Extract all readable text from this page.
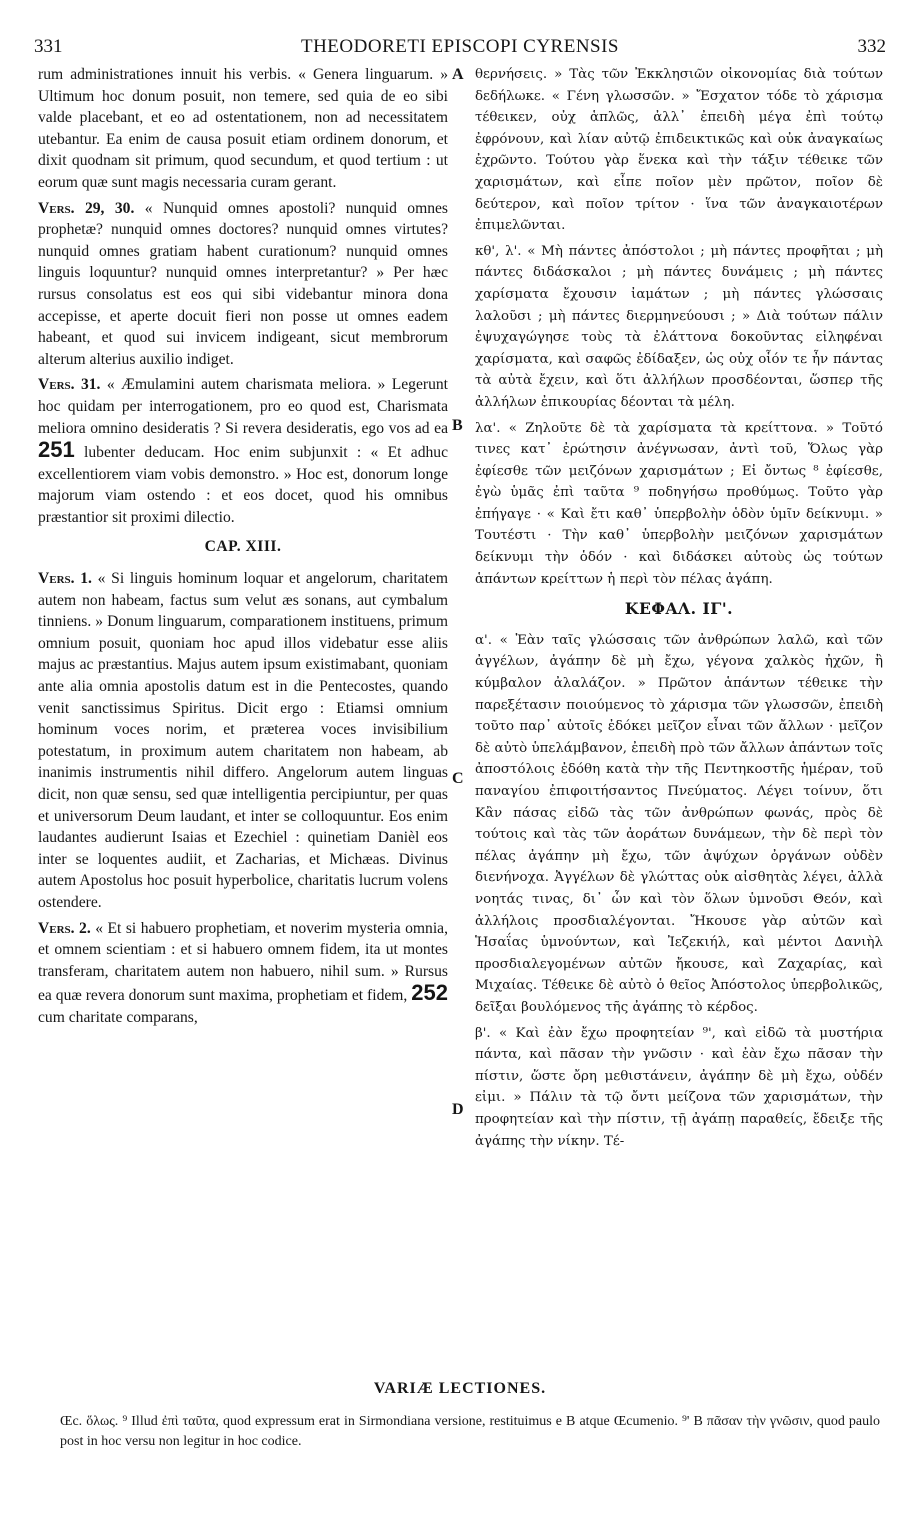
331	THEODORETI EPISCOPI CYRENSIS	332
A
B
C
D

rum administrationes innuit his verbis. « Genera linguarum. » Ultimum hoc donum posuit, non temere, sed quia de eo sibi valde placebant, et eo ad ostentationem, non ad necessitatem utebantur. Ea enim de causa posuit etiam ordinem donorum, et dixit quodnam sit primum, quod secundum, et quod tertium : ut eorum quæ sunt magis necessaria curam gerant.

Vers. 29, 30. « Nunquid omnes apostoli? nunquid omnes prophetæ? nunquid omnes doctores? nunquid omnes virtutes? nunquid omnes gratiam habent curationum? nunquid omnes linguis loquuntur? nunquid omnes interpretantur? » Per hæc rursus consolatus est eos qui sibi videbantur minora dona accepisse, et aperte docuit fieri non posse ut omnes eadem habeant, et quod sui invicem indigeant, sicut membrorum alterum alterius auxilio indiget.

Vers. 31. « Æmulamini autem charismata meliora. » Legerunt hoc quidam per interrogationem, pro eo quod est, Charismata meliora omnino desideratis ? Si revera desideratis, ego vos ad ea 251 lubenter deducam. Hoc enim subjunxit : « Et adhuc excellentiorem viam vobis demonstro. » Hoc est, donorum longe majorum viam ostendo : et eos docet, quod his omnibus præstantior sit proximi dilectio.

CAP. XIII.

Vers. 1. « Si linguis hominum loquar et angelorum, charitatem autem non habeam, factus sum velut æs sonans, aut cymbalum tinniens. » Donum linguarum, comparationem instituens, primum omnium posuit, quoniam hoc apud illos videbatur esse aliis majus ac præstantius. Majus autem ipsum existimabant, quoniam ante alia omnia apostolis datum est in die Pentecostes, quando venit sanctissimus Spiritus. Dicit ergo : Etiamsi omnium hominum voces norim, et præterea voces invisibilium potestatum, in proximum autem charitatem non habeam, ab inanimis instrumentis nihil differo. Angelorum autem linguas dicit, non quæ sensu, sed quæ intelligentia percipiuntur, per quas et universorum Deum laudant, et inter se colloquuntur. Eos enim laudantes audierunt Isaias et Ezechiel : quinetiam Danièl eos inter se loquentes audiit, et Zacharias, et Michæas. Divinus autem Apostolus hoc posuit hyperbolice, charitatis lucrum volens ostendere.

Vers. 2. « Et si habuero prophetiam, et noverim mysteria omnia, et omnem scientiam : et si habuero omnem fidem, ita ut montes transferam, charitatem autem non habuero, nihil sum. » Rursus ea quæ revera donorum sunt maxima, prophetiam et fidem, 252 cum charitate comparans,

θερνήσεις. » Τὰς τῶν Ἐκκλησιῶν οἰκονομίας διὰ τούτων δεδήλωκε. « Γένη γλωσσῶν. » Ἔσχατον τόδε τὸ χάρισμα τέθεικεν, οὐχ ἁπλῶς, ἀλλ᾽ ἐπειδὴ μέγα ἐπὶ τούτῳ ἐφρόνουν, καὶ λίαν αὐτῷ ἐπιδεικτικῶς καὶ οὐκ ἀναγκαίως ἐχρῶντο. Τούτου γὰρ ἕνεκα καὶ τὴν τάξιν τέθεικε τῶν χαρισμάτων, καὶ εἶπε ποῖον μὲν πρῶτον, ποῖον δὲ δεύτερον, καὶ ποῖον τρίτον · ἵνα τῶν ἀναγκαιοτέρων ἐπιμελῶνται.

κθ', λ'. « Μὴ πάντες ἀπόστολοι ; μὴ πάντες προφῆται ; μὴ πάντες διδάσκαλοι ; μὴ πάντες δυνάμεις ; μὴ πάντες χαρίσματα ἔχουσιν ἰαμάτων ; μὴ πάντες γλώσσαις λαλοῦσι ; μὴ πάντες διερμηνεύουσι ; » Διὰ τούτων πάλιν ἐψυχαγώγησε τοὺς τὰ ἐλάττονα δοκοῦντας εἰληφέναι χαρίσματα, καὶ σαφῶς ἐδίδαξεν, ὡς οὐχ οἷόν τε ἦν πάντας τὰ αὐτὰ ἔχειν, καὶ ὅτι ἀλλήλων προσδέονται, ὥσπερ τῆς ἀλλήλων ἐπικουρίας δέονται τὰ μέλη.

λα'. « Ζηλοῦτε δὲ τὰ χαρίσματα τὰ κρείττονα. » Τοῦτό τινες κατ᾽ ἐρώτησιν ἀνέγνωσαν, ἀντὶ τοῦ, Ὅλως γὰρ ἐφίεσθε τῶν μειζόνων χαρισμάτων ; Εἰ ὄντως ⁸ ἐφίεσθε, ἐγὼ ὑμᾶς ἐπὶ ταῦτα ⁹ ποδηγήσω προθύμως. Τοῦτο γὰρ ἐπήγαγε · « Καὶ ἔτι καθ᾽ ὑπερβολὴν ὁδὸν ὑμῖν δείκνυμι. » Τουτέστι · Τὴν καθ᾽ ὑπερβολὴν μειζόνων χαρισμάτων δείκνυμι τὴν ὁδόν · καὶ διδάσκει αὐτοὺς ὡς τούτων ἁπάντων κρείττων ἡ περὶ τὸν πέλας ἀγάπη.

ΚΕΦΑΛ. ΙΓ'.

α'. « Ἐὰν ταῖς γλώσσαις τῶν ἀνθρώπων λαλῶ, καὶ τῶν ἀγγέλων, ἀγάπην δὲ μὴ ἔχω, γέγονα χαλκὸς ἠχῶν, ἢ κύμβαλον ἀλαλάζον. » Πρῶτον ἁπάντων τέθεικε τὴν παρεξέτασιν ποιούμενος τὸ χάρισμα τῶν γλωσσῶν, ἐπειδὴ τοῦτο παρ᾽ αὐτοῖς ἐδόκει μεῖζον εἶναι τῶν ἄλλων · μεῖζον δὲ αὐτὸ ὑπελάμβανον, ἐπειδὴ πρὸ τῶν ἄλλων ἁπάντων τοῖς ἀποστόλοις ἐδόθη κατὰ τὴν τῆς Πεντηκοστῆς ἡμέραν, τοῦ παναγίου ἐπιφοιτήσαντος Πνεύματος. Λέγει τοίνυν, ὅτι Κἂν πάσας εἰδῶ τὰς τῶν ἀνθρώπων φωνάς, πρὸς δὲ τούτοις καὶ τὰς τῶν ἀοράτων δυνάμεων, τὴν δὲ περὶ τὸν πέλας ἀγάπην μὴ ἔχω, τῶν ἀψύχων ὀργάνων οὐδὲν διενήνοχα. Ἀγγέλων δὲ γλώττας οὐκ αἰσθητὰς λέγει, ἀλλὰ νοητάς τινας, δι᾽ ὧν καὶ τὸν ὅλων ὑμνοῦσι Θεόν, καὶ ἀλλήλοις προσδιαλέγονται. Ἤκουσε γὰρ αὐτῶν καὶ Ἡσαΐας ὑμνούντων, καὶ Ἰεζεκιήλ, καὶ μέντοι Δανιὴλ προσδιαλεγομένων αὐτῶν ἤκουσε, καὶ Ζαχαρίας, καὶ Μιχαίας. Τέθεικε δὲ αὐτὸ ὁ θεῖος Ἀπόστολος ὑπερβολικῶς, δεῖξαι βουλόμενος τῆς ἀγάπης τὸ κέρδος.

β'. « Καὶ ἐὰν ἔχω προφητείαν ⁹', καὶ εἰδῶ τὰ μυστήρια πάντα, καὶ πᾶσαν τὴν γνῶσιν · καὶ ἐὰν ἔχω πᾶσαν τὴν πίστιν, ὥστε ὄρη μεθιστάνειν, ἀγάπην δὲ μὴ ἔχω, οὐδέν εἰμι. » Πάλιν τὰ τῷ ὄντι μείζονα τῶν χαρισμάτων, τὴν προφητείαν καὶ τὴν πίστιν, τῇ ἀγάπῃ παραθείς, ἔδειξε τῆς ἀγάπης τὴν νίκην. Τέ-

VARIÆ LECTIONES.

Œc. ὅλως. ⁹ Illud ἐπὶ ταῦτα, quod expressum erat in Sirmondiana versione, restituimus e B atque Œcumenio. ⁹' B πᾶσαν τὴν γνῶσιν, quod paulo post in hoc versu non legitur in hoc codice.
